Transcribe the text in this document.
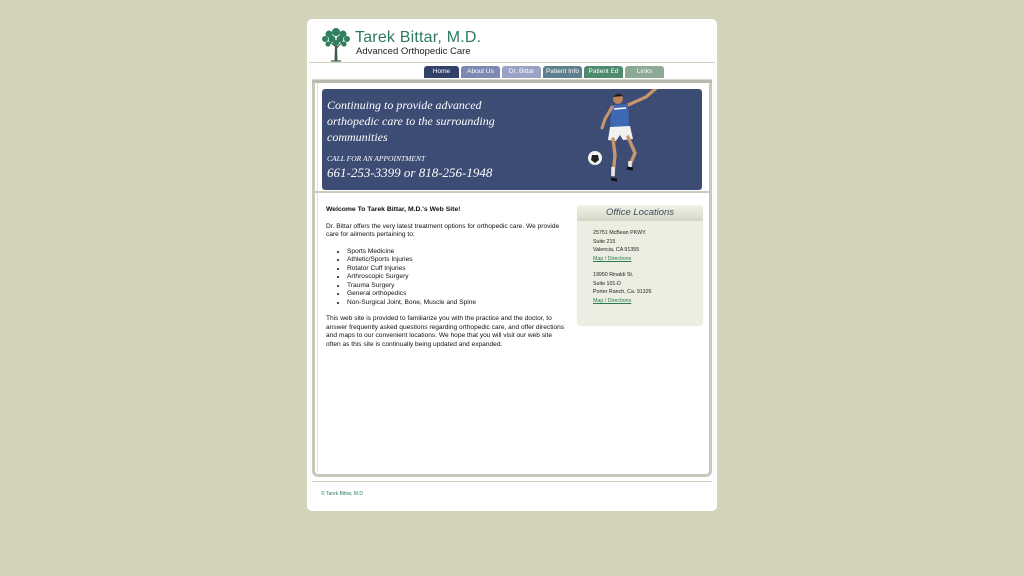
Tarek Bittar, M.D.
Advanced Orthopedic Care
Home	About Us	Dr. Bittar	Patient Info	Patient Ed	Links
Continuing to provide advanced orthopedic care to the surrounding communities
CALL FOR AN APPOINTMENT
661-253-3399 or 818-256-1948
Welcome To Tarek Bittar, M.D.'s Web Site!

Dr. Bittar offers the very latest treatment options for orthopedic care. We provide care for ailments pertaining to:

• Sports Medicine
• Athletic/Sports Injuries
• Rotator Cuff Injuries
• Arthroscopic Surgery
• Trauma Surgery
• General orthopedics
• Non-Surgical Joint, Bone, Muscle and Spine

This web site is provided to familiarize you with the practice and the doctor, to answer frequently asked questions regarding orthopedic care, and offer directions and maps to our convenient locations. We hope that you will visit our web site often as this site is continually being updated and expanded.

Office Locations
25751 McBean PKWY.
Suite 215
Valencia, CA 91355
Map / Directions
19950 Rinaldi St.
Suite 101-D
Porter Ranch, Ca. 91326
Map / Directions
© Tarek Bittar, M.D
